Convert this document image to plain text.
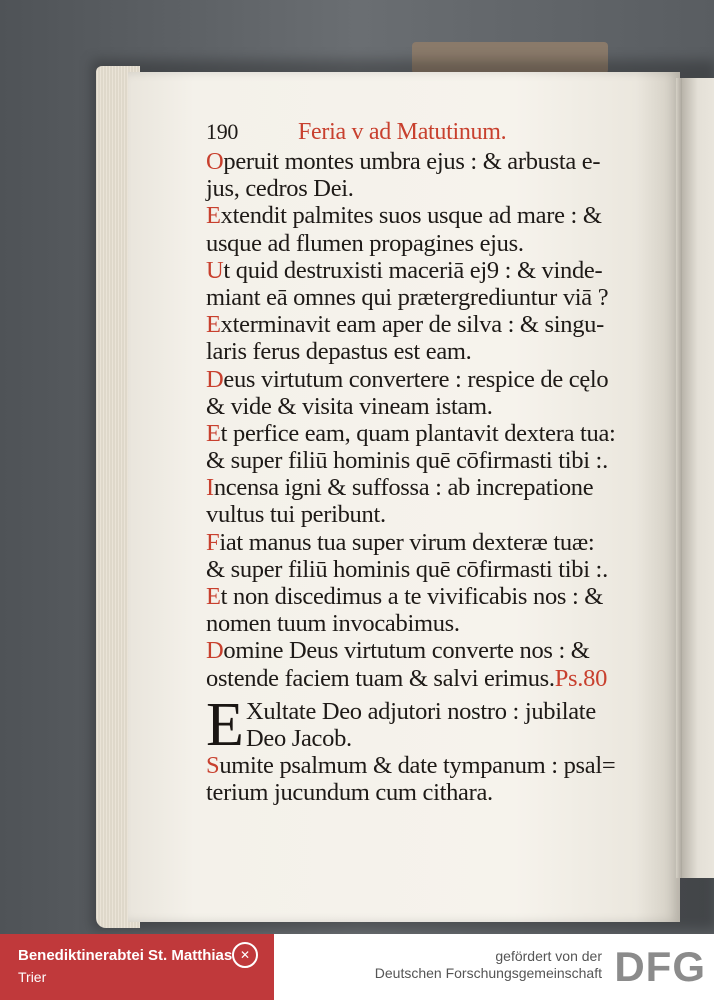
190	Feria v ad Matutinum.
Operuit montes umbra ejus : & arbusta e-
jus, cedros Dei.
Extendit palmites suos usque ad mare : &
usque ad flumen propagines ejus.
Ut quid destruxisti maceriā ej9 : & vinde-
miant eā omnes qui prætergrediuntur viā ?
Exterminavit eam aper de silva : & singu-
laris ferus depastus est eam.
Deus virtutum convertere : respice de cęlo
& vide & visita vineam istam.
Et perfice eam, quam plantavit dextera tua:
& super filiū hominis quē cōfirmasti tibi :.
Incensa igni & suffossa : ab increpatione
vultus tui peribunt.
Fiat manus tua super virum dexteræ tuæ:
& super filiū hominis quē cōfirmasti tibi :.
Et non discedimus a te vivificabis nos : &
nomen tuum invocabimus.
Domine Deus virtutum converte nos : &
ostende faciem tuam & salvi erimus.Ps.80
E Xultate Deo adjutori nostro : jubilate
Deo Jacob.
Sumite psalmum & date tympanum : psal=
terium jucundum cum cithara.
Benediktinerabtei St. Matthias
Trier
✕	gefördert von der
Deutschen Forschungsgemeinschaft DFG
